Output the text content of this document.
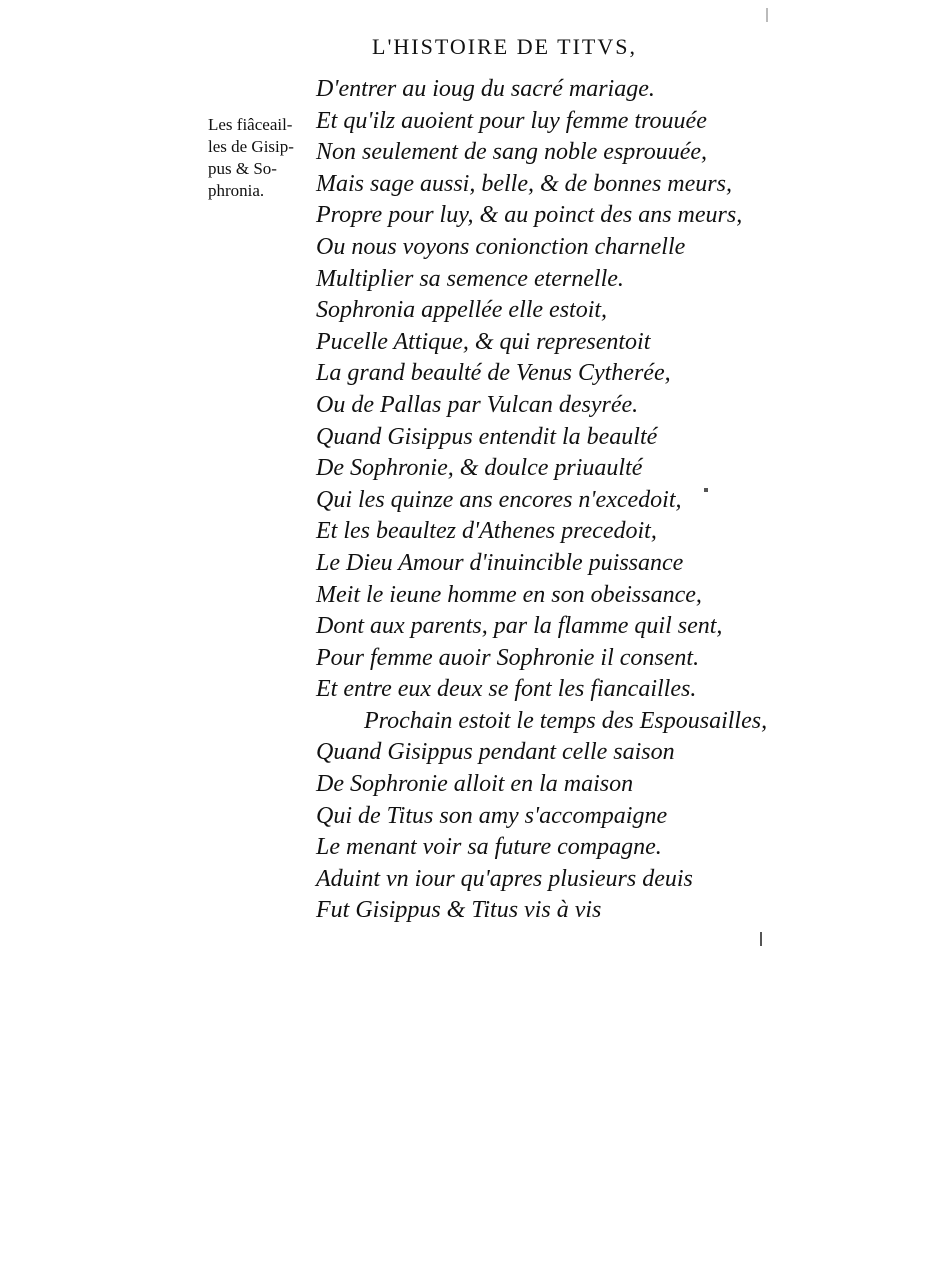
L'HISTOIRE DE TITVS,
Les fiâceail-
les de Gisip-
pus & So-
phronia.
D'entrer au ioug du sacré mariage.
Et qu'ilz auoient pour luy femme trouuée
Non seulement de sang noble esprouuée,
Mais sage aussi, belle, & de bonnes meurs,
Propre pour luy, & au poinct des ans meurs,
Ou nous voyons conionction charnelle
Multiplier sa semence eternelle.
Sophronia appellée elle estoit,
Pucelle Attique, & qui representoit
La grand beaulté de Venus Cytherée,
Ou de Pallas par Vulcan desyrée.
Quand Gisippus entendit la beaulté
De Sophronie, & doulce priuaulté
Qui les quinze ans encores n'excedoit,
Et les beaultez d'Athenes precedoit,
Le Dieu Amour d'inuincible puissance
Meit le ieune homme en son obeissance,
Dont aux parents, par la flamme quil sent,
Pour femme auoir Sophronie il consent.
Et entre eux deux se font les fiancailles.
Prochain estoit le temps des Espousailles,
Quand Gisippus pendant celle saison
De Sophronie alloit en la maison
Qui de Titus son amy s'accompaigne
Le menant voir sa future compagne.
Aduint vn iour qu'apres plusieurs deuis
Fut Gisippus & Titus vis à vis
